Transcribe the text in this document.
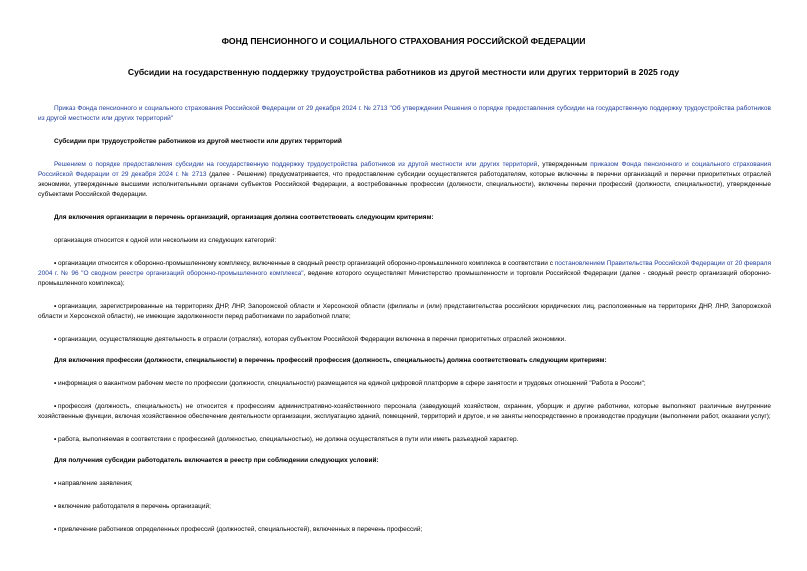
ФОНД ПЕНСИОННОГО И СОЦИАЛЬНОГО СТРАХОВАНИЯ РОССИЙСКОЙ ФЕДЕРАЦИИ
Субсидии на государственную поддержку трудоустройства работников из другой местности или других территорий в 2025 году

Приказ Фонда пенсионного и социального страхования Российской Федерации от 29 декабря 2024 г. № 2713 "Об утверждении Решения о порядке предоставления субсидии на государственную поддержку трудоустройства работников из другой местности или других территорий"

Субсидии при трудоустройстве работников из другой местности или других территорий

Решением о порядке предоставления субсидии на государственную поддержку трудоустройства работников из другой местности или других территорий, утвержденным приказом Фонда пенсионного и социального страхования Российской Федерации от 29 декабря 2024 г. № 2713 (далее - Решение) предусматривается, что предоставление субсидии осуществляется работодателям, которые включены в перечни организаций и перечни приоритетных отраслей экономики, утвержденные высшими исполнительными органами субъектов Российской Федерации, а востребованные профессии (должности, специальности), включены перечни профессий (должности, специальности), утвержденные субъектами Российской Федерации.

Для включения организации в перечень организаций, организация должна соответствовать следующим критериям:

организация относится к одной или нескольким из следующих категорий:

• организации относится к оборонно-промышленному комплексу, включенные в сводный реестр организаций оборонно-промышленного комплекса в соответствии с постановлением Правительства Российской Федерации от 20 февраля 2004 г. № 96 "О сводном реестре организаций оборонно-промышленного комплекса", ведение которого осуществляет Министерство промышленности и торговли Российской Федерации (далее - сводный реестр организаций оборонно-промышленного комплекса);

• организации, зарегистрированные на территориях ДНР, ЛНР, Запорожской области и Херсонской области (филиалы и (или) представительства российских юридических лиц, расположенные на территориях ДНР, ЛНР, Запорожской области и Херсонской области), не имеющие задолженности перед работниками по заработной плате;

• организации, осуществляющие деятельность в отрасли (отраслях), которая субъектом Российской Федерации включена в перечни приоритетных отраслей экономики.

Для включения профессии (должности, специальности) в перечень профессий профессия (должность, специальность) должна соответствовать следующим критериям:

• информация о вакантном рабочем месте по профессии (должности, специальности) размещается на единой цифровой платформе в сфере занятости и трудовых отношений "Работа в России";

• профессия (должность, специальность) не относится к профессиям административно-хозяйственного персонала (заведующий хозяйством, охранник, уборщик и другие работники, которые выполняют различные внутренние хозяйственные функции, включая хозяйственное обеспечение деятельности организации, эксплуатацию зданий, помещений, территорий и другое, и не заняты непосредственно в производстве продукции (выполнении работ, оказании услуг);

• работа, выполняемая в соответствии с профессией (должностью, специальностью), не должна осуществляться в пути или иметь разъездной характер.

Для получения субсидии работодатель включается в реестр при соблюдении следующих условий:

• направление заявления;

• включение работодателя в перечень организаций;

• привлечение работников определенных профессий (должностей, специальностей), включенных в перечень профессий;
